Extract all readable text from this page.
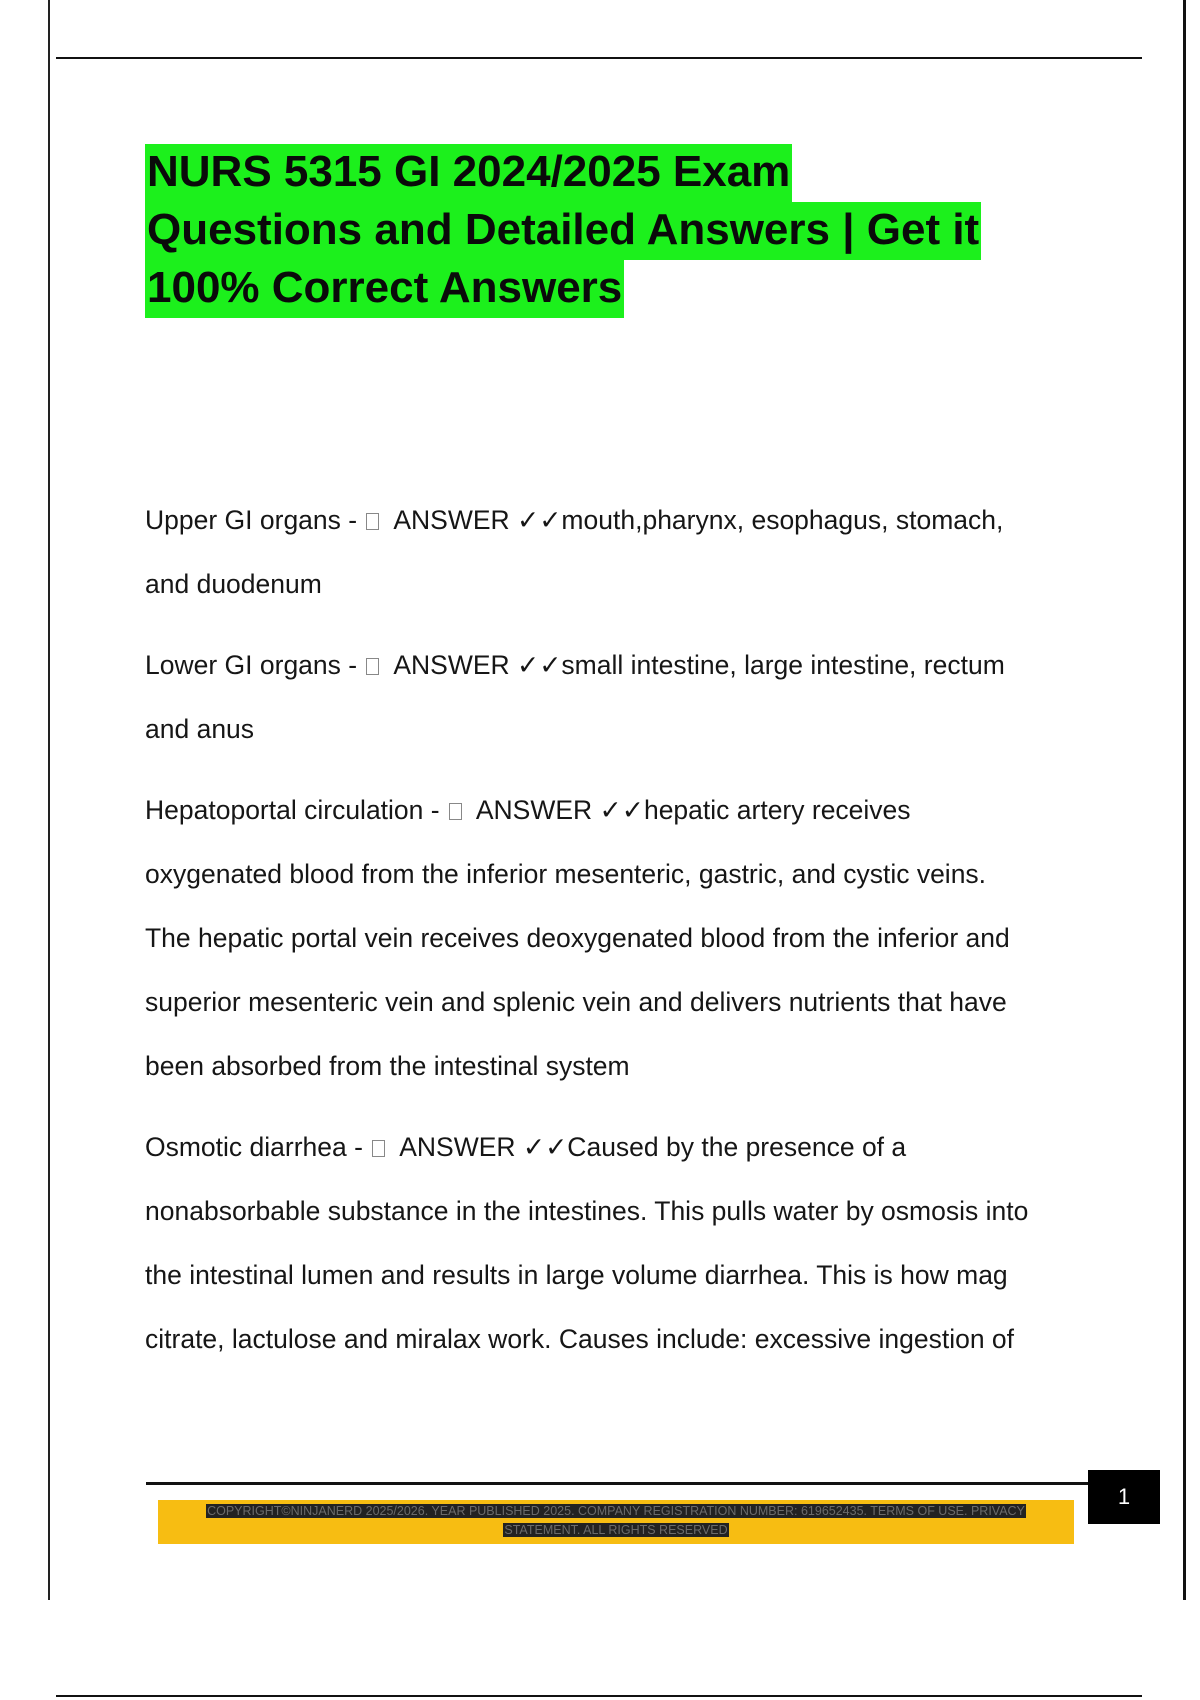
NURS 5315 GI 2024/2025 Exam
Questions and Detailed Answers | Get it
100% Correct Answers
Upper GI organs -  ANSWER ✓✓mouth,pharynx, esophagus, stomach,
and duodenum
Lower GI organs -  ANSWER ✓✓small intestine, large intestine, rectum
and anus
Hepatoportal circulation -  ANSWER ✓✓hepatic artery receives
oxygenated blood from the inferior mesenteric, gastric, and cystic veins.
The hepatic portal vein receives deoxygenated blood from the inferior and
superior mesenteric vein and splenic vein and delivers nutrients that have
been absorbed from the intestinal system
Osmotic diarrhea -  ANSWER ✓✓Caused by the presence of a
nonabsorbable substance in the intestines. This pulls water by osmosis into
the intestinal lumen and results in large volume diarrhea. This is how mag
citrate, lactulose and miralax work. Causes include: excessive ingestion of
1
COPYRIGHT©NINJANERD 2025/2026. YEAR PUBLISHED 2025. COMPANY REGISTRATION NUMBER: 619652435. TERMS OF USE. PRIVACY
STATEMENT. ALL RIGHTS RESERVED
